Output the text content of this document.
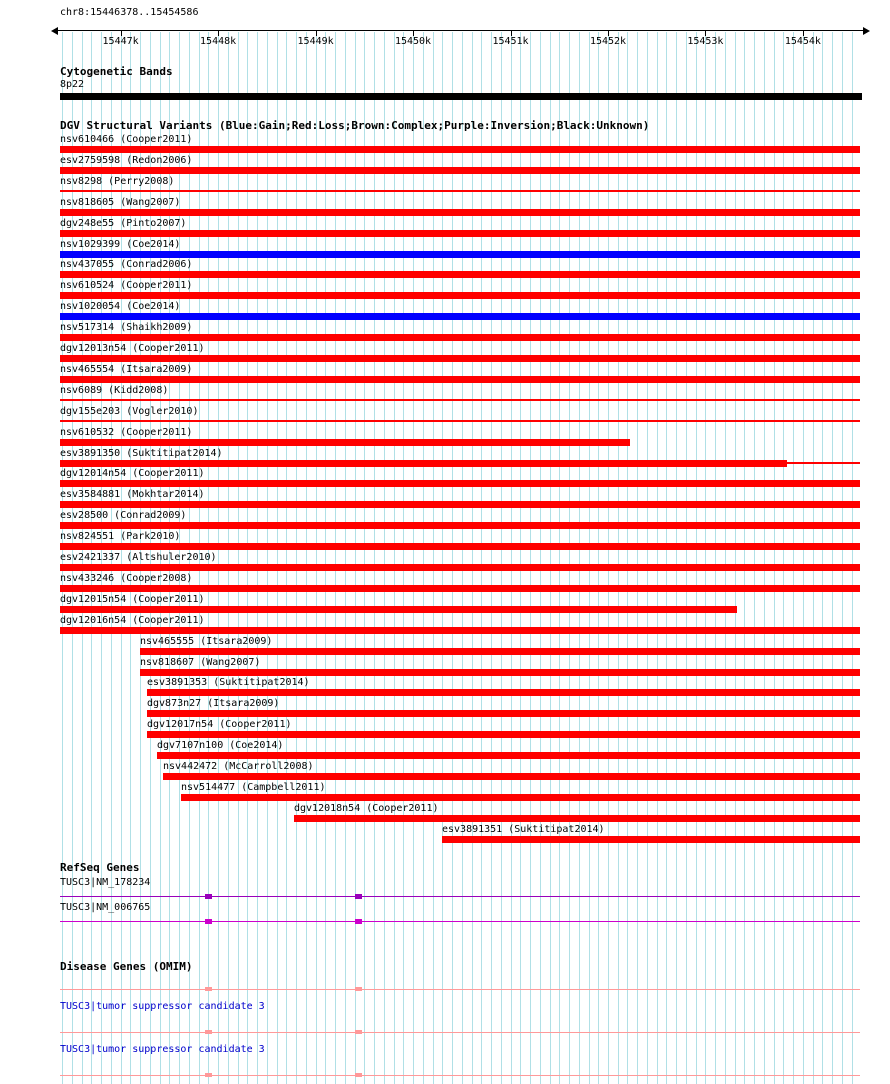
chr8:15446378..15454586
Cytogenetic Bands
8p22
DGV Structural Variants (Blue:Gain;Red:Loss;Brown:Complex;Purple:Inversion;Black:Unknown)
RefSeq Genes
Disease Genes (OMIM)
15447k	15448k	15449k	15450k	15451k	15452k	15453k	15454k
nsv610466 (Cooper2011)
esv2759598 (Redon2006)
nsv8298 (Perry2008)
nsv818605 (Wang2007)
dgv248e55 (Pinto2007)
nsv1029399 (Coe2014)
nsv437055 (Conrad2006)
nsv610524 (Cooper2011)
nsv1020054 (Coe2014)
nsv517314 (Shaikh2009)
dgv12013n54 (Cooper2011)
nsv465554 (Itsara2009)
nsv6089 (Kidd2008)
dgv155e203 (Vogler2010)
nsv610532 (Cooper2011)
esv3891350 (Suktitipat2014)
dgv12014n54 (Cooper2011)
esv3584881 (Mokhtar2014)
esv28500 (Conrad2009)
nsv824551 (Park2010)
esv2421337 (Altshuler2010)
nsv433246 (Cooper2008)
dgv12015n54 (Cooper2011)
dgv12016n54 (Cooper2011)
nsv465555 (Itsara2009)
nsv818607 (Wang2007)
esv3891353 (Suktitipat2014)
dgv873n27 (Itsara2009)
dgv12017n54 (Cooper2011)
dgv7107n100 (Coe2014)
nsv442472 (McCarroll2008)
nsv514477 (Campbell2011)
dgv12018n54 (Cooper2011)
esv3891351 (Suktitipat2014)
TUSC3|NM_178234
TUSC3|NM_006765
TUSC3|tumor suppressor candidate 3
TUSC3|tumor suppressor candidate 3
